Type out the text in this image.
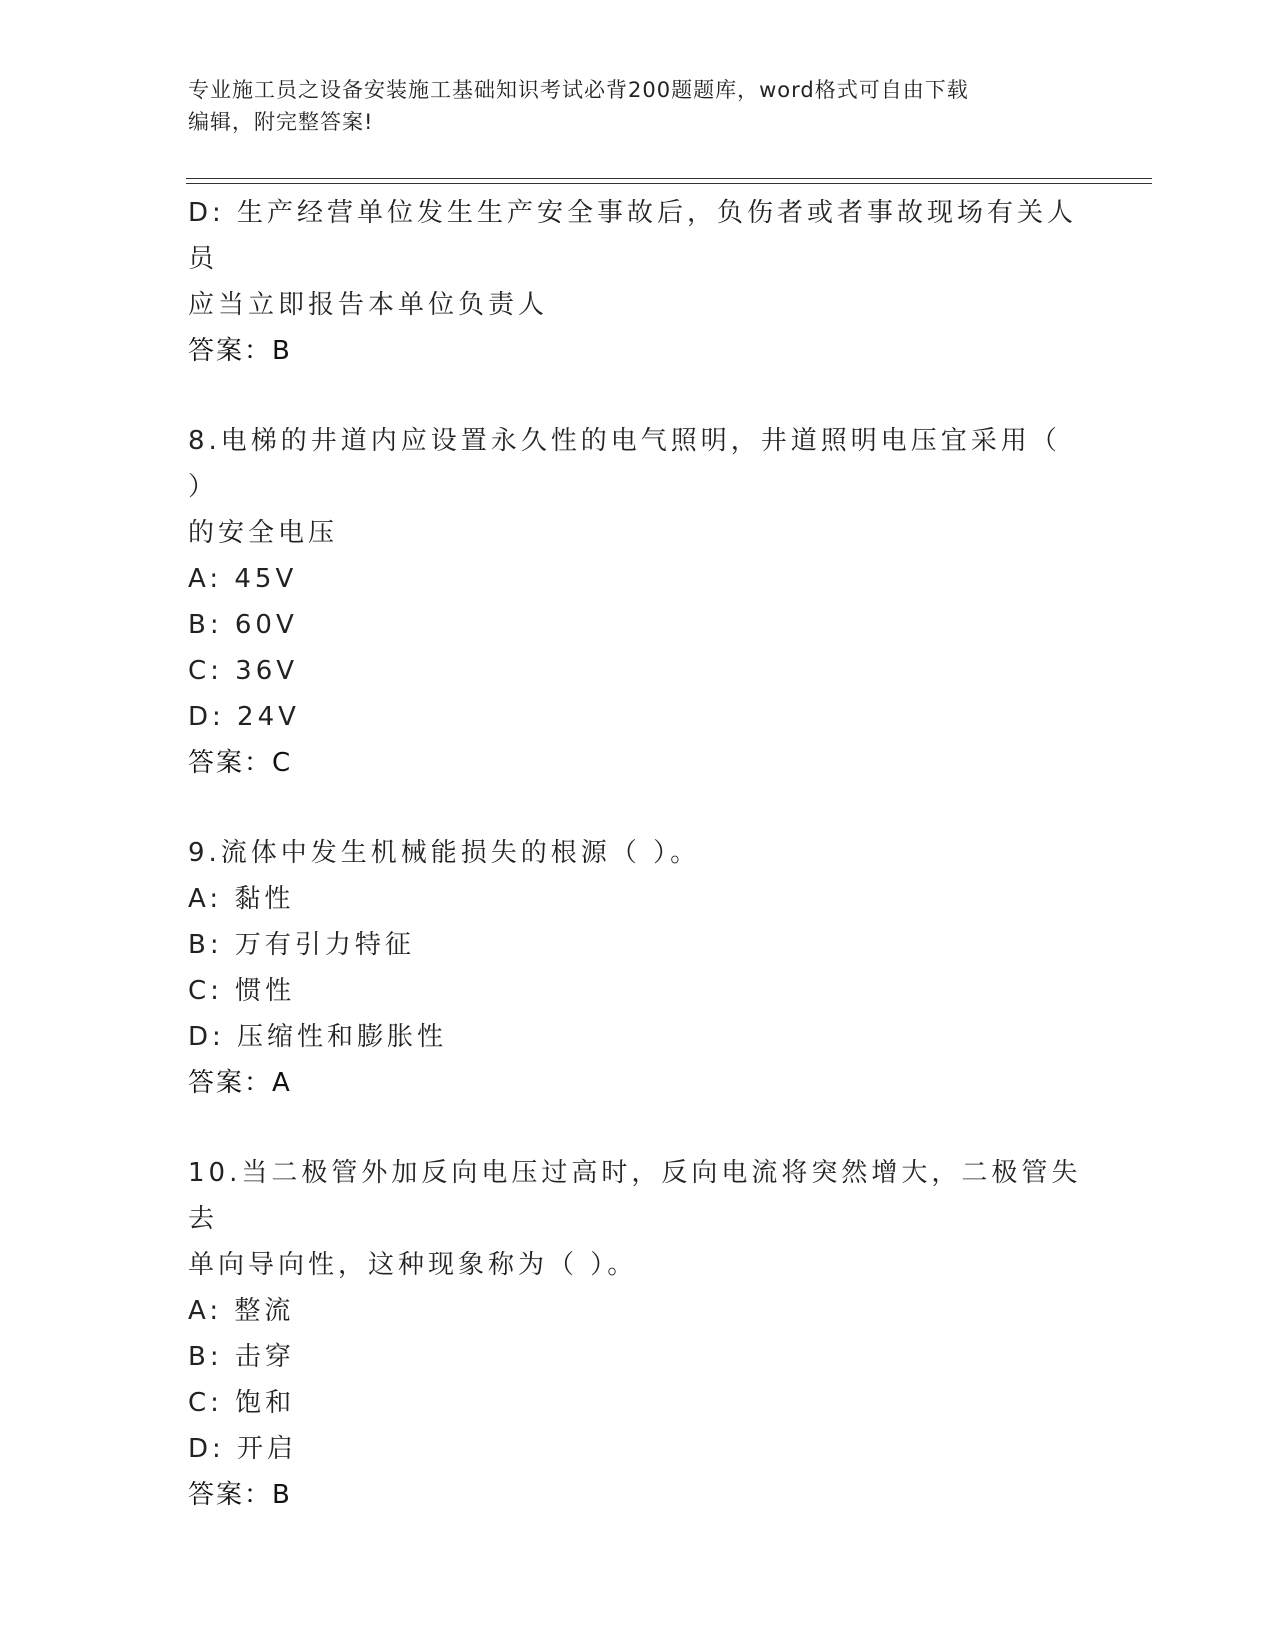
专业施工员之设备安装施工基础知识考试必背200题题库，word格式可自由下载
编辑，附完整答案!
D: 生产经营单位发生生产安全事故后，负伤者或者事故现场有关人员
应当立即报告本单位负责人
答案：B
8.电梯的井道内应设置永久性的电气照明，井道照明电压宜采用（ ）
的安全电压
A: 45V
B: 60V
C: 36V
D: 24V
答案：C
9.流体中发生机械能损失的根源（ ）。
A: 黏性
B: 万有引力特征
C: 惯性
D: 压缩性和膨胀性
答案：A
10.当二极管外加反向电压过高时，反向电流将突然增大，二极管失去
单向导向性，这种现象称为（ ）。
A: 整流
B: 击穿
C: 饱和
D: 开启
答案：B
